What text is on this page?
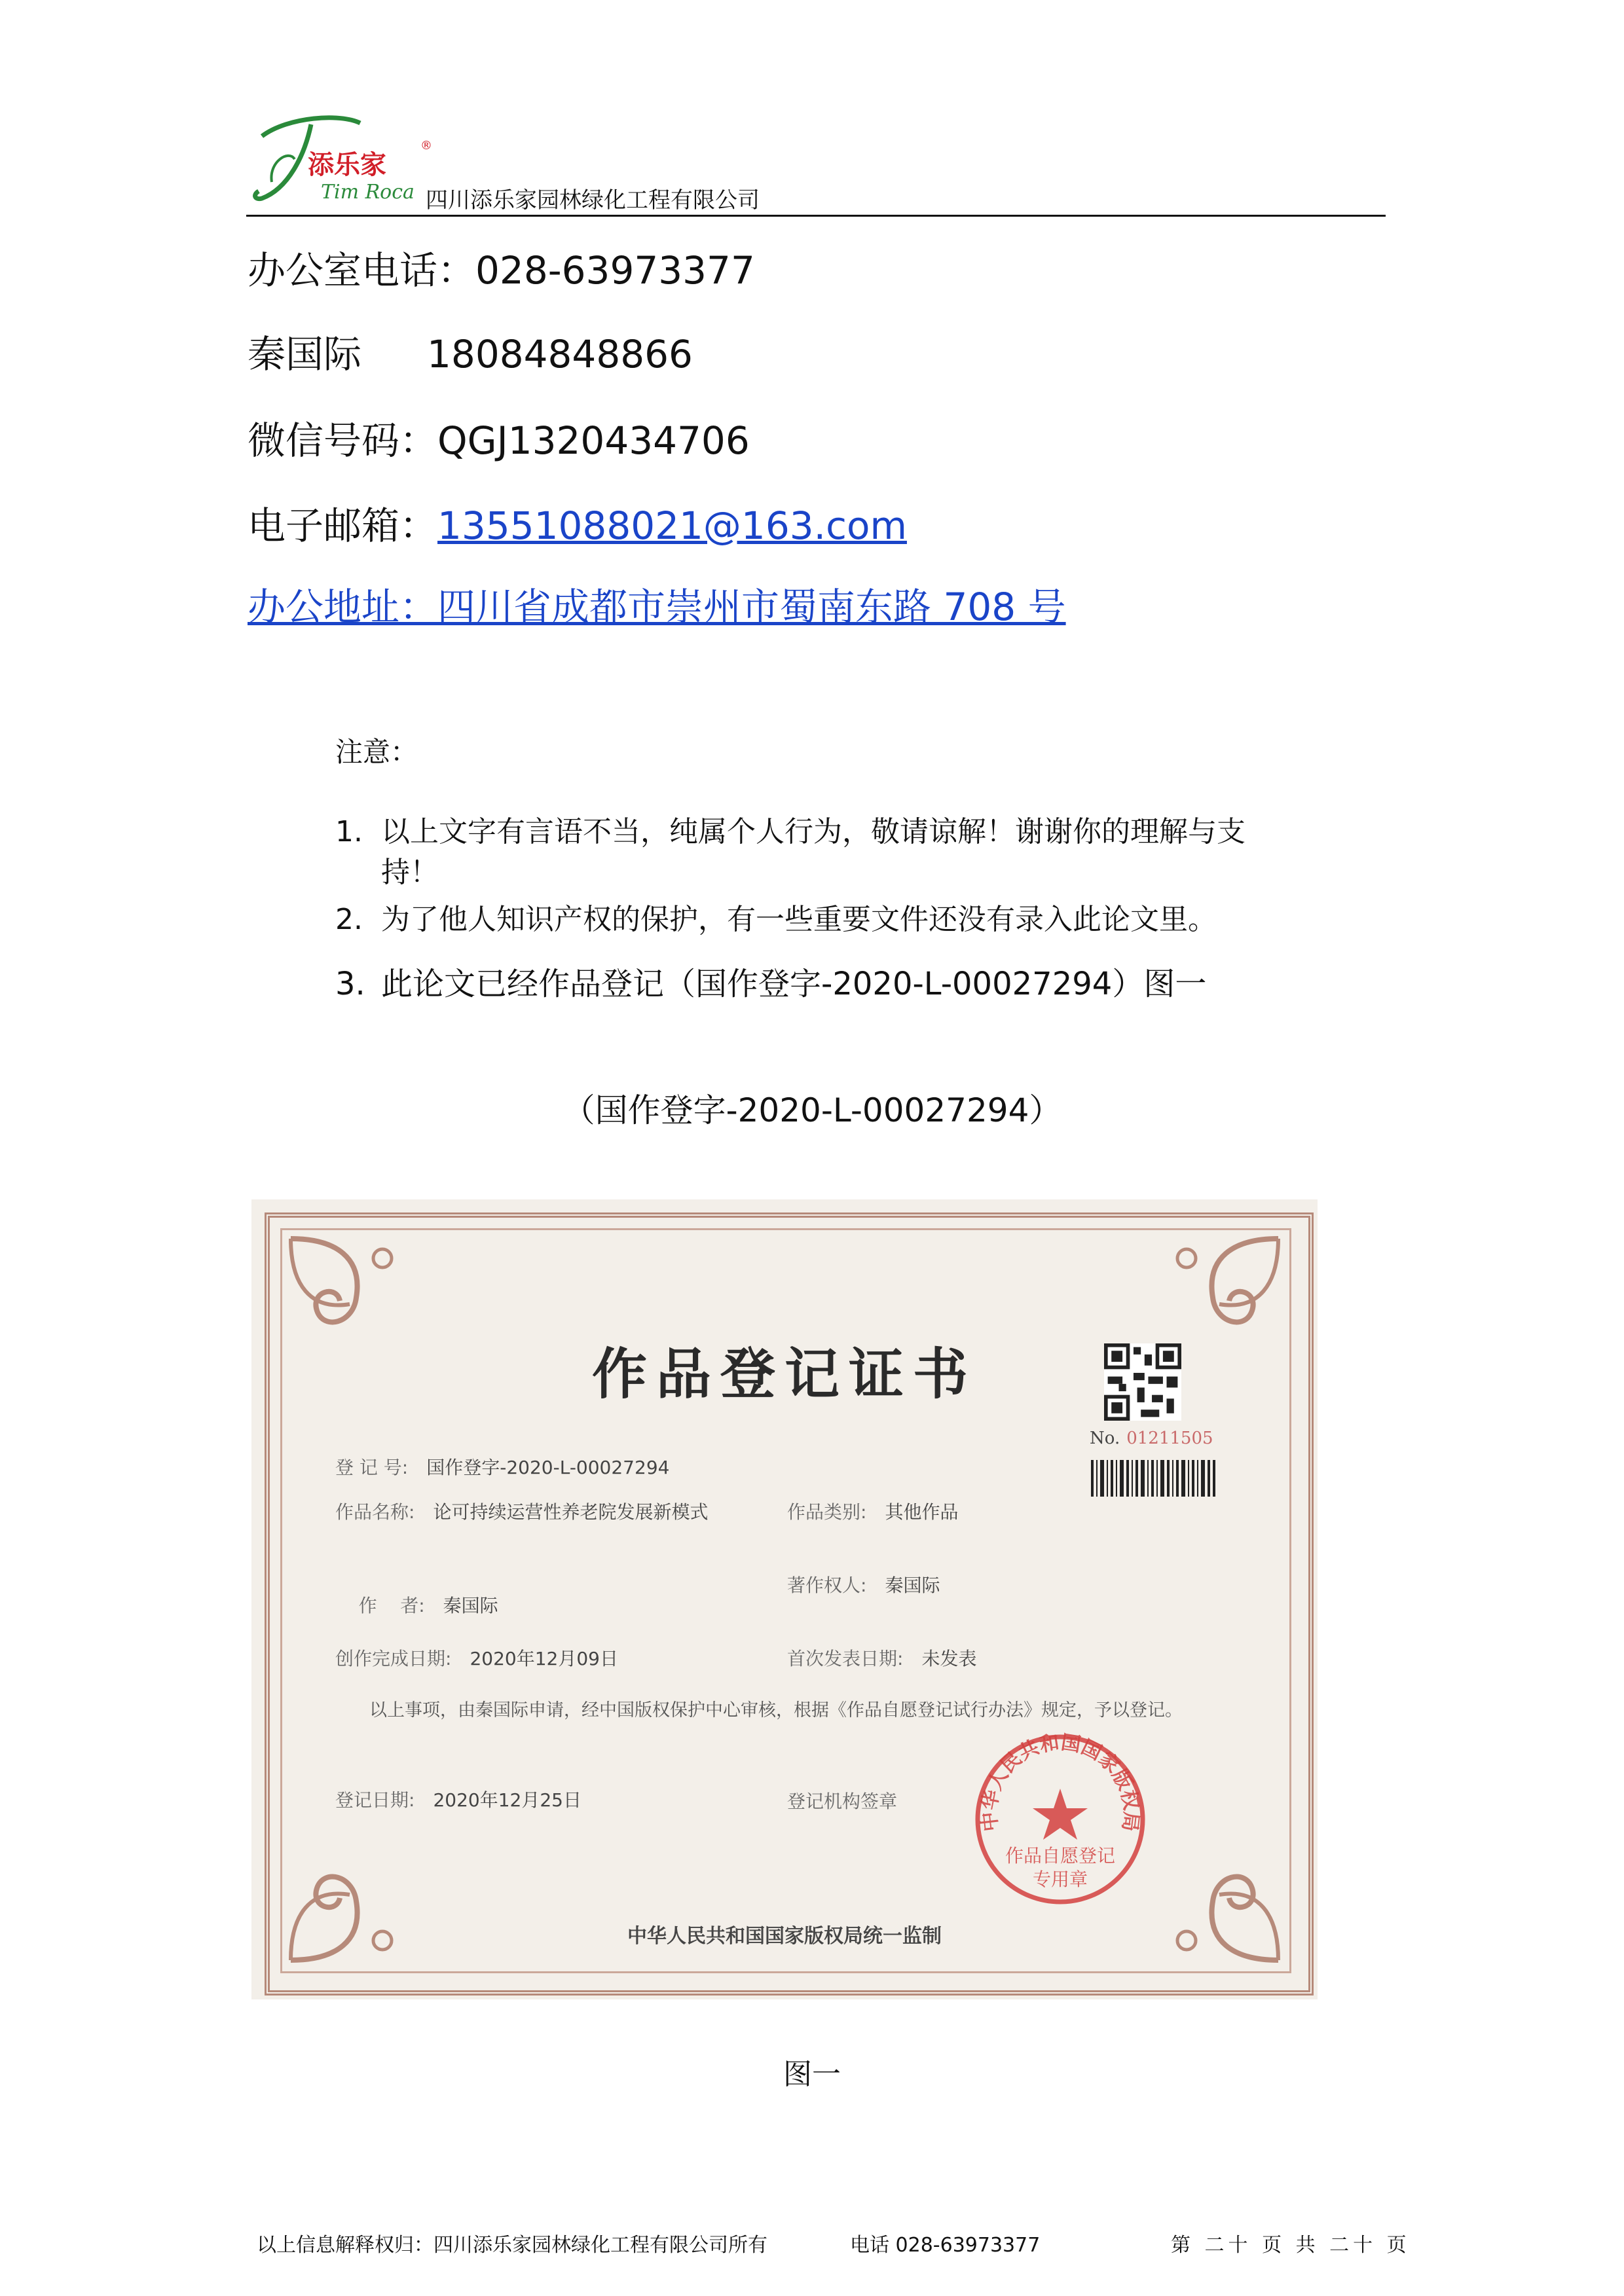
添乐家
®
Tim Roca 四川添乐家园林绿化工程有限公司
办公室电话：028-63973377
秦国际 18084848866
微信号码：QGJ1320434706
电子邮箱：13551088021@163.com
办公地址：四川省成都市崇州市蜀南东路 708 号
注意：
1. 以上文字有言语不当，纯属个人行为，敬请谅解！谢谢你的理解与支
持！
2. 为了他人知识产权的保护，有一些重要文件还没有录入此论文里。
3. 此论文已经作品登记（国作登字-2020-L-00027294）图一
（国作登字-2020-L-00027294）
作品登记证书
No. 01211505
登 记 号: 国作登字-2020-L-00027294
作品名称: 论可持续运营性养老院发展新模式	作品类别: 其他作品

作    者: 秦国际

著作权人: 秦国际
创作完成日期: 2020年12月09日	首次发表日期: 未发表
以上事项，由秦国际申请，经中国版权保护中心审核，根据《作品自愿登记试行办法》规定，予以登记。
登记日期: 2020年12月25日	登记机构签章
中华人民共和国国家版权局
作品自愿登记
专用章
中华人民共和国国家版权局统一监制
图一
以上信息解释权归：四川添乐家园林绿化工程有限公司所有	电话 028-63973377	第 二十 页 共 二十 页
